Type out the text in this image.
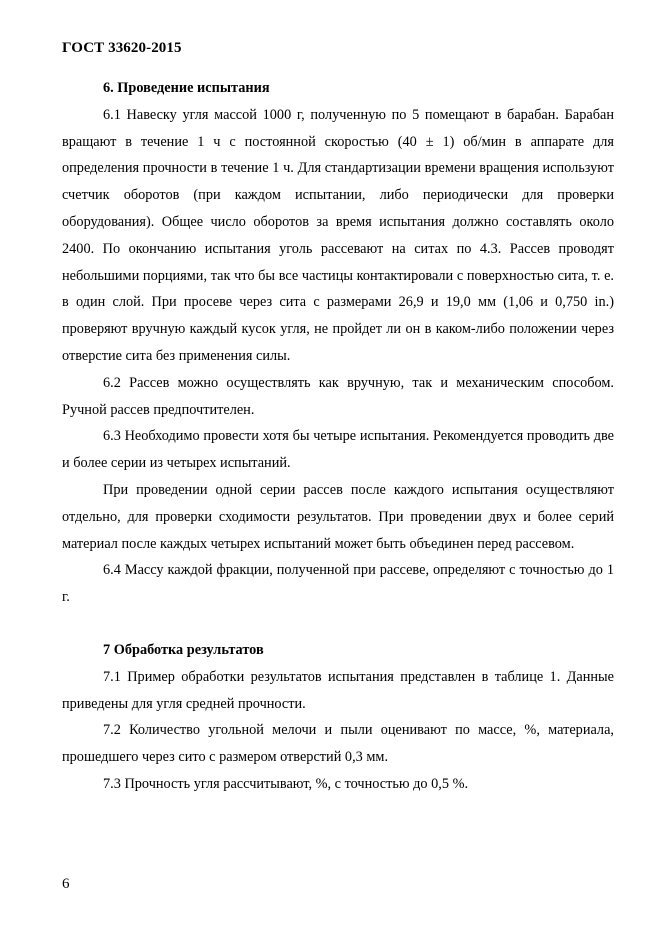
ГОСТ 33620-2015

6. Проведение испытания

6.1 Навеску угля массой 1000 г, полученную по 5 помещают в барабан. Барабан вращают в течение 1 ч с постоянной скоростью (40 ± 1) об/мин в аппарате для определения прочности в течение 1 ч. Для стандартизации времени вращения используют счетчик оборотов (при каждом испытании, либо периодически для проверки оборудования). Общее число оборотов за время испытания должно составлять около 2400. По окончанию испытания уголь рассевают на ситах по 4.3. Рассев проводят небольшими порциями, так что бы все частицы контактировали с поверхностью сита, т. е. в один слой. При просеве через сита с размерами 26,9 и 19,0 мм (1,06 и 0,750 in.) проверяют вручную каждый кусок угля, не пройдет ли он в каком-либо положении через отверстие сита без применения силы.

6.2 Рассев можно осуществлять как вручную, так и механическим способом. Ручной рассев предпочтителен.

6.3 Необходимо провести хотя бы четыре испытания. Рекомендуется проводить две и более серии из четырех испытаний.

При проведении одной серии рассев после каждого испытания осуществляют отдельно, для проверки сходимости результатов. При проведении двух и более серий материал после каждых четырех испытаний может быть объединен перед рассевом.

6.4 Массу каждой фракции, полученной при рассеве, определяют с точностью до 1 г.

7 Обработка результатов

7.1 Пример обработки результатов испытания представлен в таблице 1. Данные приведены для угля средней прочности.

7.2 Количество угольной мелочи и пыли оценивают по массе, %, материала, прошедшего через сито с размером отверстий 0,3 мм.

7.3 Прочность угля рассчитывают, %, с точностью до 0,5 %.

6
